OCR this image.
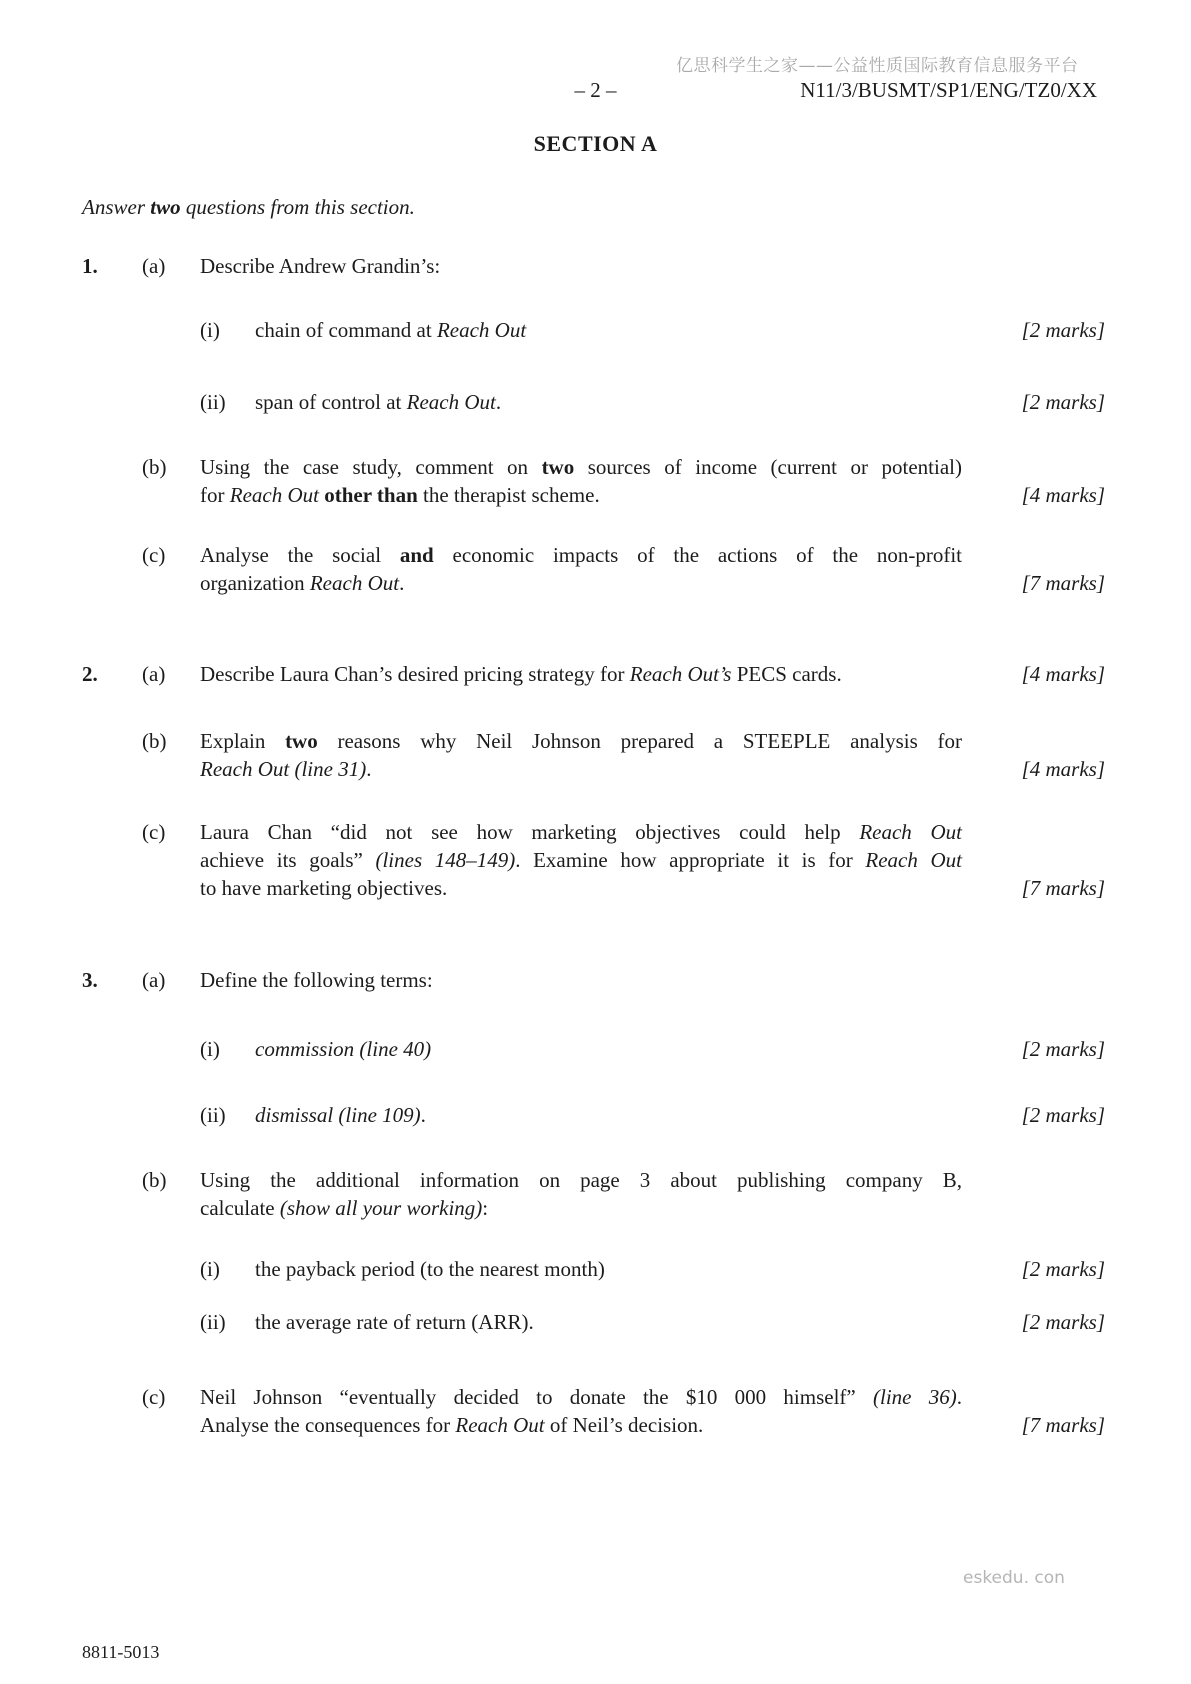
亿思科学生之家——公益性质国际教育信息服务平台
– 2 –	N11/3/BUSMT/SP1/ENG/TZ0/XX
SECTION A
Answer two questions from this section.
1. (a) Describe Andrew Grandin’s:
(i) chain of command at Reach Out	[2 marks]
(ii) span of control at Reach Out.	[2 marks]
(b) Using the case study, comment on two sources of income (current or potential)
for Reach Out other than the therapist scheme.	[4 marks]
(c) Analyse the social and economic impacts of the actions of the non-profit
organization Reach Out.	[7 marks]
2. (a) Describe Laura Chan’s desired pricing strategy for Reach Out’s PECS cards.	[4 marks]
(b) Explain two reasons why Neil Johnson prepared a STEEPLE analysis for
Reach Out (line 31).	[4 marks]
(c) Laura Chan “did not see how marketing objectives could help Reach Out
achieve its goals” (lines 148–149). Examine how appropriate it is for Reach Out
to have marketing objectives.	[7 marks]
3. (a) Define the following terms:
(i) commission (line 40)	[2 marks]
(ii) dismissal (line 109).	[2 marks]
(b) Using the additional information on page 3 about publishing company B,
calculate (show all your working):
(i) the payback period (to the nearest month)	[2 marks]
(ii) the average rate of return (ARR).	[2 marks]
(c) Neil Johnson “eventually decided to donate the $10 000 himself” (line 36).
Analyse the consequences for Reach Out of Neil’s decision.	[7 marks]
8811-5013
eskedu. con
